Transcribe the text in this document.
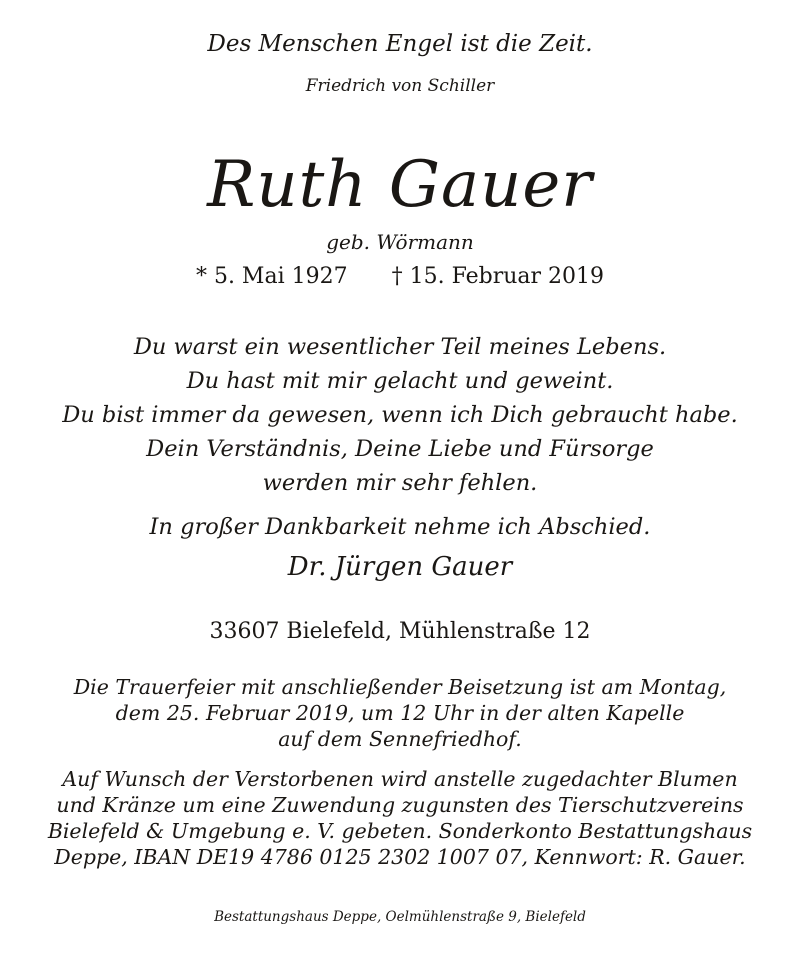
Des Menschen Engel ist die Zeit.
Friedrich von Schiller
Ruth Gauer
geb. Wörmann
* 5. Mai 1927 † 15. Februar 2019
Du warst ein wesentlicher Teil meines Lebens.
Du hast mit mir gelacht und geweint.
Du bist immer da gewesen, wenn ich Dich gebraucht habe.
Dein Verständnis, Deine Liebe und Fürsorge
werden mir sehr fehlen.
In großer Dankbarkeit nehme ich Abschied.
Dr. Jürgen Gauer
33607 Bielefeld, Mühlenstraße 12
Die Trauerfeier mit anschließender Beisetzung ist am Montag,
dem 25. Februar 2019, um 12 Uhr in der alten Kapelle
auf dem Sennefriedhof.
Auf Wunsch der Verstorbenen wird anstelle zugedachter Blumen
und Kränze um eine Zuwendung zugunsten des Tierschutzvereins
Bielefeld & Umgebung e. V. gebeten. Sonderkonto Bestattungshaus
Deppe, IBAN DE19 4786 0125 2302 1007 07, Kennwort: R. Gauer.
Bestattungshaus Deppe, Oelmühlenstraße 9, Bielefeld
